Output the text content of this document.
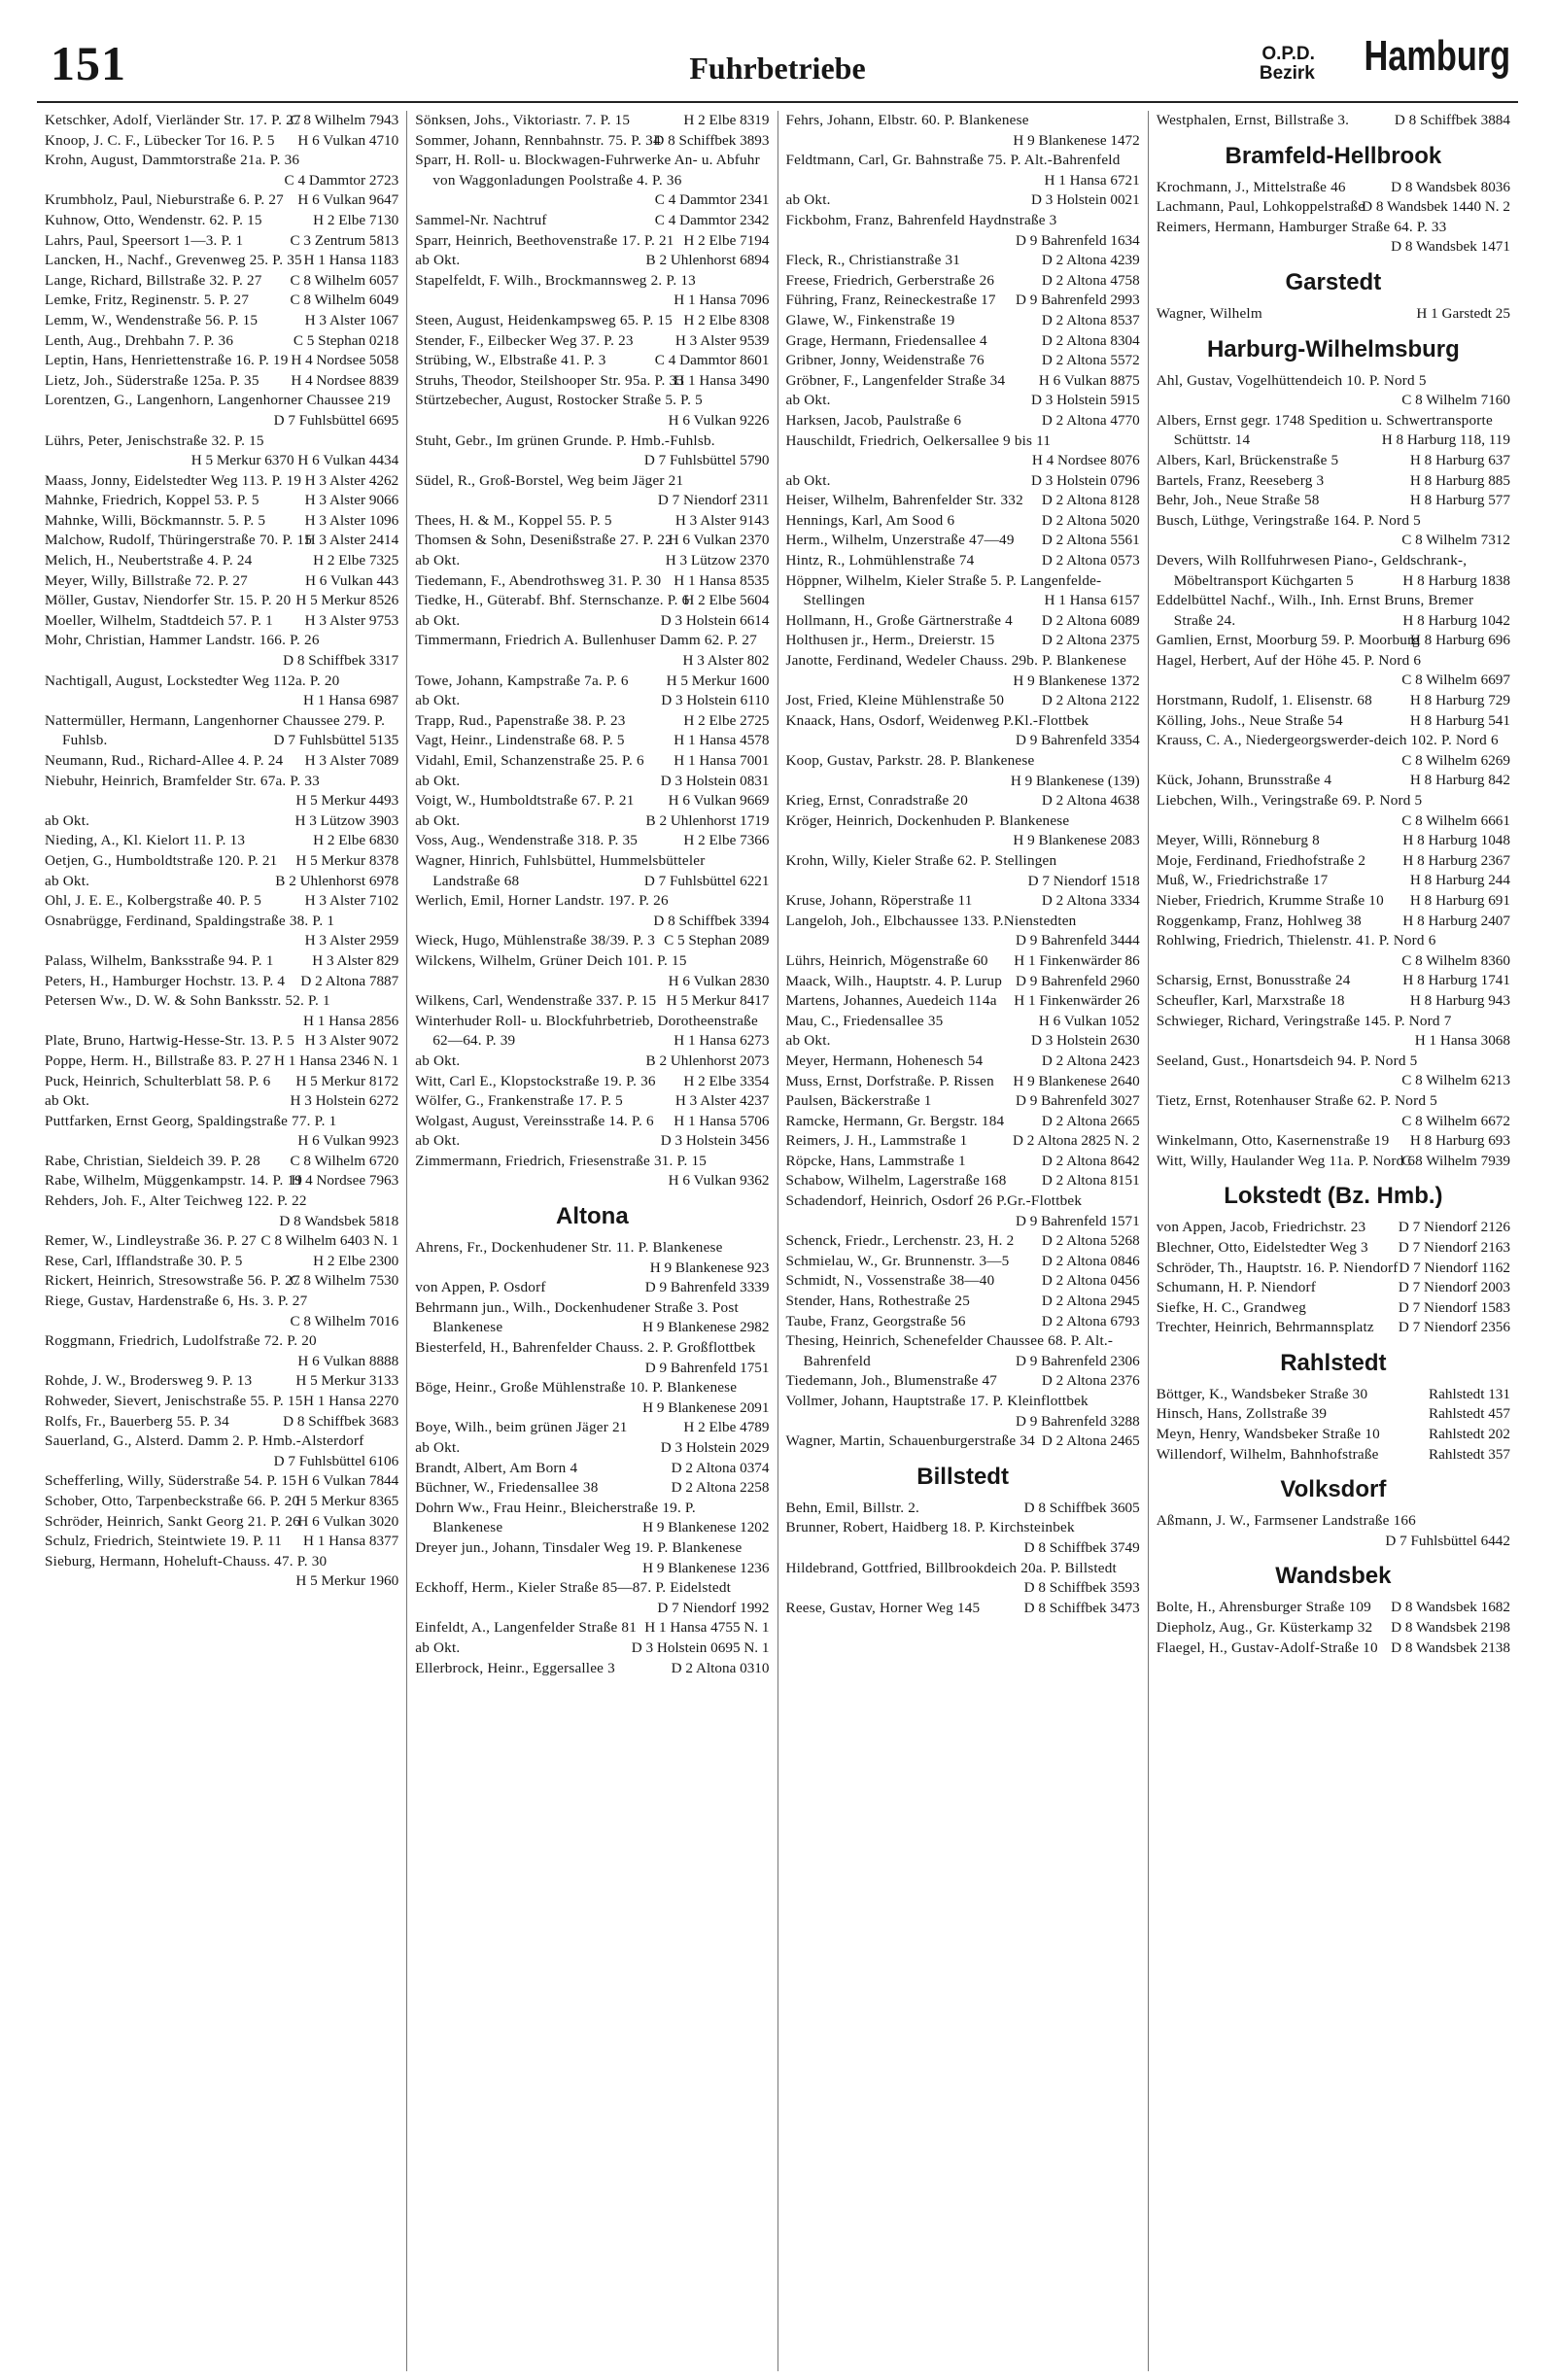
151	Fuhrbetriebe	O.P.D.
Bezirk Hamburg
Ketschker, Adolf, Vierländer Str. 17. P. 27
C 8 Wilhelm 7943
Knoop, J. C. F., Lübecker Tor 16. P. 5 H 6 Vulkan 4710
Krohn, August, Dammtorstraße 21a. P. 36
C 4 Dammtor 2723
Krumbholz, Paul, Nieburstraße 6. P. 27 H 6 Vulkan 9647
Kuhnow, Otto, Wendenstr. 62. P. 15	H 2 Elbe 7130
Lahrs, Paul, Speersort 1—3. P. 1	C 3 Zentrum 5813
Lancken, H., Nachf., Grevenweg 25. P. 35 H 1 Hansa 1183
Lange, Richard, Billstraße 32. P. 27 C 8 Wilhelm 6057
Lemke, Fritz, Reginenstr. 5. P. 27	C 8 Wilhelm 6049
Lemm, W., Wendenstraße 56. P. 15	H 3 Alster 1067
Lenth, Aug., Drehbahn 7. P. 36	C 5 Stephan 0218
Leptin, Hans, Henriettenstraße 16. P. 19 H 4 Nordsee 5058
Lietz, Joh., Süderstraße 125a. P. 35 H 4 Nordsee 8839
Lorentzen, G., Langenhorn, Langenhorner Chaussee 219
D 7 Fuhlsbüttel 6695
Lührs, Peter, Jenischstraße 32. P. 15
H 5 Merkur 6370 H 6 Vulkan 4434
Maass, Jonny, Eidelstedter Weg 113. P. 19 H 3 Alster 4262
Mahnke, Friedrich, Koppel 53. P. 5	H 3 Alster 9066
Mahnke, Willi, Böckmannstr. 5. P. 5	H 3 Alster 1096
Malchow, Rudolf, Thüringerstraße 70. P. 15
H 3 Alster 2414
Melich, H., Neubertstraße 4. P. 24	H 2 Elbe 7325
Meyer, Willy, Billstraße 72. P. 27	H 6 Vulkan 443
Möller, Gustav, Niendorfer Str. 15. P. 20 H 5 Merkur 8526
Moeller, Wilhelm, Stadtdeich 57. P. 1 H 3 Alster 9753
Mohr, Christian, Hammer Landstr. 166. P. 26
D 8 Schiffbek 3317
Nachtigall, August, Lockstedter Weg 112a. P. 20
H 1 Hansa 6987
Nattermüller, Hermann, Langenhorner Chaussee 279. P. Fuhlsb.	D 7 Fuhlsbüttel 5135
Neumann, Rud., Richard-Allee 4. P. 24 H 3 Alster 7089
Niebuhr, Heinrich, Bramfelder Str. 67a. P. 33
H 5 Merkur 4493
ab Okt.	H 3 Lützow 3903
Nieding, A., Kl. Kielort 11. P. 13	H 2 Elbe 6830
Oetjen, G., Humboldtstraße 120. P. 21 H 5 Merkur 8378
ab Okt.	B 2 Uhlenhorst 6978
Ohl, J. E. E., Kolbergstraße 40. P. 5	H 3 Alster 7102
Osnabrügge, Ferdinand, Spaldingstraße 38. P. 1
H 3 Alster 2959
Palass, Wilhelm, Banksstraße 94. P. 1	H 3 Alster 829
Peters, H., Hamburger Hochstr. 13. P. 4 D 2 Altona 7887
Petersen Ww., D. W. & Sohn Banksstr. 52. P. 1
H 1 Hansa 2856
Plate, Bruno, Hartwig-Hesse-Str. 13. P. 5 H 3 Alster 9072
Poppe, Herm. H., Billstraße 83. P. 27 H 1 Hansa 2346 N. 1
Puck, Heinrich, Schulterblatt 58. P. 6 H 5 Merkur 8172
ab Okt.	H 3 Holstein 6272
Puttfarken, Ernst Georg, Spaldingstraße 77. P. 1
H 6 Vulkan 9923
Rabe, Christian, Sieldeich 39. P. 28 C 8 Wilhelm 6720
Rabe, Wilhelm, Müggenkampstr. 14. P. 19
H 4 Nordsee 7963
Rehders, Joh. F., Alter Teichweg 122. P. 22
D 8 Wandsbek 5818
Remer, W., Lindleystraße 36. P. 27 C 8 Wilhelm 6403 N. 1
Rese, Carl, Ifflandstraße 30. P. 5	H 2 Elbe 2300
Rickert, Heinrich, Stresowstraße 56. P. 27
C 8 Wilhelm 7530
Riege, Gustav, Hardenstraße 6, Hs. 3. P. 27
C 8 Wilhelm 7016
Roggmann, Friedrich, Ludolfstraße 72. P. 20
H 6 Vulkan 8888
Rohde, J. W., Brodersweg 9. P. 13	H 5 Merkur 3133
Rohweder, Sievert, Jenischstraße 55. P. 15 H 1 Hansa 2270
Rolfs, Fr., Bauerberg 55. P. 34	D 8 Schiffbek 3683
Sauerland, G., Alsterd. Damm 2. P. Hmb.-Alsterdorf
D 7 Fuhlsbüttel 6106
Schefferling, Willy, Süderstraße 54. P. 15 H 6 Vulkan 7844
Schober, Otto, Tarpenbeckstraße 66. P. 20
H 5 Merkur 8365
Schröder, Heinrich, Sankt Georg 21. P. 26
H 6 Vulkan 3020
Schulz, Friedrich, Steintwiete 19. P. 11 H 1 Hansa 8377
Sieburg, Hermann, Hoheluft-Chauss. 47. P. 30
H 5 Merkur 1960
Sönksen, Johs., Viktoriastr. 7. P. 15	H 2 Elbe 8319
Sommer, Johann, Rennbahnstr. 75. P. 34
D 8 Schiffbek 3893
Sparr, H. Roll- u. Blockwagen-Fuhrwerke An- u. Abfuhr von Waggonladungen Poolstraße 4. P. 36
C 4 Dammtor 2341
Sammel-Nr. Nachtruf	C 4 Dammtor 2342
Sparr, Heinrich, Beethovenstraße 17. P. 21 H 2 Elbe 7194
ab Okt.	B 2 Uhlenhorst 6894
Stapelfeldt, F. Wilh., Brockmannsweg 2. P. 13
H 1 Hansa 7096
Steen, August, Heidenkampsweg 65. P. 15 H 2 Elbe 8308
Stender, F., Eilbecker Weg 37. P. 23	H 3 Alster 9539
Strübing, W., Elbstraße 41. P. 3	C 4 Dammtor 8601
Struhs, Theodor, Steilshooper Str. 95a. P. 33
H 1 Hansa 3490
Stürtzebecher, August, Rostocker Straße 5. P. 5
H 6 Vulkan 9226
Stuht, Gebr., Im grünen Grunde. P. Hmb.-Fuhlsb.
D 7 Fuhlsbüttel 5790
Südel, R., Groß-Borstel, Weg beim Jäger 21
D 7 Niendorf 2311
Thees, H. & M., Koppel 55. P. 5	H 3 Alster 9143
Thomsen & Sohn, Desenißstraße 27. P. 22
H 6 Vulkan 2370
ab Okt.	H 3 Lützow 2370
Tiedemann, F., Abendrothsweg 31. P. 30 H 1 Hansa 8535
Tiedke, H., Güterabf. Bhf. Sternschanze. P. 6
H 2 Elbe 5604
ab Okt.	D 3 Holstein 6614
Timmermann, Friedrich A. Bullenhuser Damm 62. P. 27
H 3 Alster 802
Towe, Johann, Kampstraße 7a. P. 6	H 5 Merkur 1600
ab Okt.	D 3 Holstein 6110
Trapp, Rud., Papenstraße 38. P. 23	H 2 Elbe 2725
Vagt, Heinr., Lindenstraße 68. P. 5	H 1 Hansa 4578
Vidahl, Emil, Schanzenstraße 25. P. 6 H 1 Hansa 7001
ab Okt.	D 3 Holstein 0831
Voigt, W., Humboldtstraße 67. P. 21 H 6 Vulkan 9669
ab Okt.	B 2 Uhlenhorst 1719
Voss, Aug., Wendenstraße 318. P. 35	H 2 Elbe 7366
Wagner, Hinrich, Fuhlsbüttel, Hummelsbütteler Landstraße 68	D 7 Fuhlsbüttel 6221
Werlich, Emil, Horner Landstr. 197. P. 26
D 8 Schiffbek 3394
Wieck, Hugo, Mühlenstraße 38/39. P. 3 C 5 Stephan 2089
Wilckens, Wilhelm, Grüner Deich 101. P. 15
H 6 Vulkan 2830
Wilkens, Carl, Wendenstraße 337. P. 15 H 5 Merkur 8417
Winterhuder Roll- u. Blockfuhrbetrieb, Dorotheenstraße 62—64. P. 39	H 1 Hansa 6273
ab Okt.	B 2 Uhlenhorst 2073
Witt, Carl E., Klopstockstraße 19. P. 36 H 2 Elbe 3354
Wölfer, G., Frankenstraße 17. P. 5	H 3 Alster 4237
Wolgast, August, Vereinsstraße 14. P. 6 H 1 Hansa 5706
ab Okt.	D 3 Holstein 3456
Zimmermann, Friedrich, Friesenstraße 31. P. 15
H 6 Vulkan 9362
Altona
Ahrens, Fr., Dockenhudener Str. 11. P. Blankenese
H 9 Blankenese 923
von Appen, P. Osdorf	D 9 Bahrenfeld 3339
Behrmann jun., Wilh., Dockenhudener Straße 3. Post Blankenese	H 9 Blankenese 2982
Biesterfeld, H., Bahrenfelder Chauss. 2. P. Großflottbek
D 9 Bahrenfeld 1751
Böge, Heinr., Große Mühlenstraße 10. P. Blankenese
H 9 Blankenese 2091
Boye, Wilh., beim grünen Jäger 21	H 2 Elbe 4789
ab Okt.	D 3 Holstein 2029
Brandt, Albert, Am Born 4	D 2 Altona 0374
Büchner, W., Friedensallee 38	D 2 Altona 2258
Dohrn Ww., Frau Heinr., Bleicherstraße 19. P. Blankenese	H 9 Blankenese 1202
Dreyer jun., Johann, Tinsdaler Weg 19. P. Blankenese
H 9 Blankenese 1236
Eckhoff, Herm., Kieler Straße 85—87. P. Eidelstedt
D 7 Niendorf 1992
Einfeldt, A., Langenfelder Straße 81 H 1 Hansa 4755 N. 1
ab Okt.	D 3 Holstein 0695 N. 1
Ellerbrock, Heinr., Eggersallee 3	D 2 Altona 0310
Fehrs, Johann, Elbstr. 60. P. Blankenese
H 9 Blankenese 1472
Feldtmann, Carl, Gr. Bahnstraße 75. P. Alt.-Bahrenfeld
H 1 Hansa 6721
ab Okt.	D 3 Holstein 0021
Fickbohm, Franz, Bahrenfeld Haydnstraße 3
D 9 Bahrenfeld 1634
Fleck, R., Christianstraße 31	D 2 Altona 4239
Freese, Friedrich, Gerberstraße 26	D 2 Altona 4758
Führing, Franz, Reineckestraße 17 D 9 Bahrenfeld 2993
Glawe, W., Finkenstraße 19	D 2 Altona 8537
Grage, Hermann, Friedensallee 4	D 2 Altona 8304
Gribner, Jonny, Weidenstraße 76	D 2 Altona 5572
Gröbner, F., Langenfelder Straße 34 H 6 Vulkan 8875
ab Okt.	D 3 Holstein 5915
Harksen, Jacob, Paulstraße 6	D 2 Altona 4770
Hauschildt, Friedrich, Oelkersallee 9 bis 11
H 4 Nordsee 8076
ab Okt.	D 3 Holstein 0796
Heiser, Wilhelm, Bahrenfelder Str. 332 D 2 Altona 8128
Hennings, Karl, Am Sood 6	D 2 Altona 5020
Herm., Wilhelm, Unzerstraße 47—49 D 2 Altona 5561
Hintz, R., Lohmühlenstraße 74	D 2 Altona 0573
Höppner, Wilhelm, Kieler Straße 5. P. Langenfelde-Stellingen	H 1 Hansa 6157
Hollmann, H., Große Gärtnerstraße 4 D 2 Altona 6089
Holthusen jr., Herm., Dreierstr. 15	D 2 Altona 2375
Janotte, Ferdinand, Wedeler Chauss. 29b. P. Blankenese
H 9 Blankenese 1372
Jost, Fried, Kleine Mühlenstraße 50	D 2 Altona 2122
Knaack, Hans, Osdorf, Weidenweg P.Kl.-Flottbek
D 9 Bahrenfeld 3354
Koop, Gustav, Parkstr. 28. P. Blankenese
H 9 Blankenese (139)
Krieg, Ernst, Conradstraße 20	D 2 Altona 4638
Kröger, Heinrich, Dockenhuden P. Blankenese
H 9 Blankenese 2083
Krohn, Willy, Kieler Straße 62. P. Stellingen
D 7 Niendorf 1518
Kruse, Johann, Röperstraße 11	D 2 Altona 3334
Langeloh, Joh., Elbchaussee 133. P.Nienstedten
D 9 Bahrenfeld 3444
Lührs, Heinrich, Mögenstraße 60 H 1 Finkenwärder 86
Maack, Wilh., Hauptstr. 4. P. Lurup D 9 Bahrenfeld 2960
Martens, Johannes, Auedeich 114a H 1 Finkenwärder 26
Mau, C., Friedensallee 35	H 6 Vulkan 1052
ab Okt.	D 3 Holstein 2630
Meyer, Hermann, Hohenesch 54	D 2 Altona 2423
Muss, Ernst, Dorfstraße. P. Rissen H 9 Blankenese 2640
Paulsen, Bäckerstraße 1	D 9 Bahrenfeld 3027
Ramcke, Hermann, Gr. Bergstr. 184	D 2 Altona 2665
Reimers, J. H., Lammstraße 1	D 2 Altona 2825 N. 2
Röpcke, Hans, Lammstraße 1	D 2 Altona 8642
Schabow, Wilhelm, Lagerstraße 168 D 2 Altona 8151
Schadendorf, Heinrich, Osdorf 26 P.Gr.-Flottbek
D 9 Bahrenfeld 1571
Schenck, Friedr., Lerchenstr. 23, H. 2 D 2 Altona 5268
Schmielau, W., Gr. Brunnenstr. 3—5 D 2 Altona 0846
Schmidt, N., Vossenstraße 38—40	D 2 Altona 0456
Stender, Hans, Rothestraße 25	D 2 Altona 2945
Taube, Franz, Georgstraße 56	D 2 Altona 6793
Thesing, Heinrich, Schenefelder Chaussee 68. P. Alt.-Bahrenfeld	D 9 Bahrenfeld 2306
Tiedemann, Joh., Blumenstraße 47	D 2 Altona 2376
Vollmer, Johann, Hauptstraße 17. P. Kleinflottbek
D 9 Bahrenfeld 3288
Wagner, Martin, Schauenburgerstraße 34 D 2 Altona 2465
Billstedt
Behn, Emil, Billstr. 2.	D 8 Schiffbek 3605
Brunner, Robert, Haidberg 18. P. Kirchsteinbek
D 8 Schiffbek 3749
Hildebrand, Gottfried, Billbrookdeich 20a. P. Billstedt
D 8 Schiffbek 3593
Reese, Gustav, Horner Weg 145	D 8 Schiffbek 3473
Westphalen, Ernst, Billstraße 3.	D 8 Schiffbek 3884
Bramfeld-Hellbrook
Krochmann, J., Mittelstraße 46	D 8 Wandsbek 8036
Lachmann, Paul, Lohkoppelstraße
D 8 Wandsbek 1440 N. 2
Reimers, Hermann, Hamburger Straße 64. P. 33
D 8 Wandsbek 1471
Garstedt
Wagner, Wilhelm	H 1 Garstedt 25
Harburg-Wilhelmsburg
Ahl, Gustav, Vogelhüttendeich 10. P. Nord 5
C 8 Wilhelm 7160
Albers, Ernst gegr. 1748 Spedition u. Schwertransporte Schüttstr. 14	H 8 Harburg 118, 119
Albers, Karl, Brückenstraße 5	H 8 Harburg 637
Bartels, Franz, Reeseberg 3	H 8 Harburg 885
Behr, Joh., Neue Straße 58	H 8 Harburg 577
Busch, Lüthge, Veringstraße 164. P. Nord 5
C 8 Wilhelm 7312
Devers, Wilh Rollfuhrwesen Piano-, Geldschrank-, Möbeltransport Küchgarten 5	H 8 Harburg 1838
Eddelbüttel Nachf., Wilh., Inh. Ernst Bruns, Bremer Straße 24.	H 8 Harburg 1042
Gamlien, Ernst, Moorburg 59. P. Moorburg
H 8 Harburg 696
Hagel, Herbert, Auf der Höhe 45. P. Nord 6
C 8 Wilhelm 6697
Horstmann, Rudolf, 1. Elisenstr. 68	H 8 Harburg 729
Kölling, Johs., Neue Straße 54	H 8 Harburg 541
Krauss, C. A., Niedergeorgswerder-deich 102. P. Nord 6
C 8 Wilhelm 6269
Kück, Johann, Brunsstraße 4	H 8 Harburg 842
Liebchen, Wilh., Veringstraße 69. P. Nord 5
C 8 Wilhelm 6661
Meyer, Willi, Rönneburg 8	H 8 Harburg 1048
Moje, Ferdinand, Friedhofstraße 2	H 8 Harburg 2367
Muß, W., Friedrichstraße 17	H 8 Harburg 244
Nieber, Friedrich, Krumme Straße 10 H 8 Harburg 691
Roggenkamp, Franz, Hohlweg 38	H 8 Harburg 2407
Rohlwing, Friedrich, Thielenstr. 41. P. Nord 6
C 8 Wilhelm 8360
Scharsig, Ernst, Bonusstraße 24	H 8 Harburg 1741
Scheufler, Karl, Marxstraße 18	H 8 Harburg 943
Schwieger, Richard, Veringstraße 145. P. Nord 7
H 1 Hansa 3068
Seeland, Gust., Honartsdeich 94. P. Nord 5
C 8 Wilhelm 6213
Tietz, Ernst, Rotenhauser Straße 62. P. Nord 5
C 8 Wilhelm 6672
Winkelmann, Otto, Kasernenstraße 19 H 8 Harburg 693
Witt, Willy, Haulander Weg 11a. P. Nord 6
C 8 Wilhelm 7939
Lokstedt (Bz. Hmb.)
von Appen, Jacob, Friedrichstr. 23 D 7 Niendorf 2126
Blechner, Otto, Eidelstedter Weg 3 D 7 Niendorf 2163
Schröder, Th., Hauptstr. 16. P. Niendorf D 7 Niendorf 1162
Schumann, H. P. Niendorf	D 7 Niendorf 2003
Siefke, H. C., Grandweg	D 7 Niendorf 1583
Trechter, Heinrich, Behrmannsplatz D 7 Niendorf 2356
Rahlstedt
Böttger, K., Wandsbeker Straße 30	Rahlstedt 131
Hinsch, Hans, Zollstraße 39	Rahlstedt 457
Meyn, Henry, Wandsbeker Straße 10	Rahlstedt 202
Willendorf, Wilhelm, Bahnhofstraße	Rahlstedt 357
Volksdorf
Aßmann, J. W., Farmsener Landstraße 166
D 7 Fuhlsbüttel 6442
Wandsbek
Bolte, H., Ahrensburger Straße 109 D 8 Wandsbek 1682
Diepholz, Aug., Gr. Küsterkamp 32 D 8 Wandsbek 2198
Flaegel, H., Gustav-Adolf-Straße 10 D 8 Wandsbek 2138
